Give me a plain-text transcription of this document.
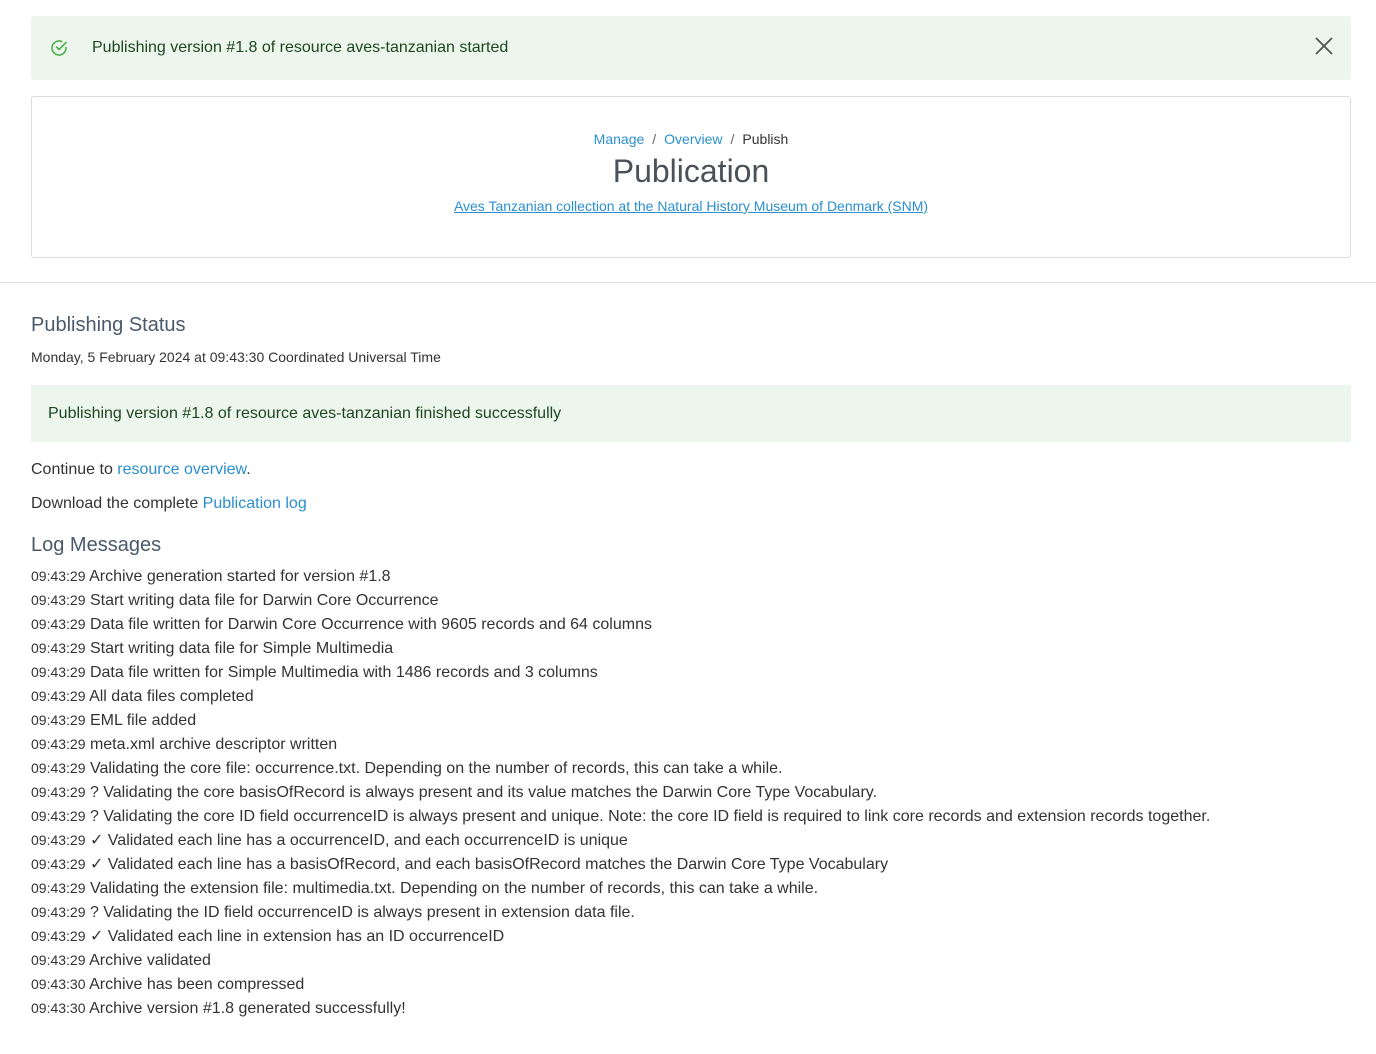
Publishing version #1.8 of resource aves-tanzanian started
Manage / Overview / Publish
Publication
Aves Tanzanian collection at the Natural History Museum of Denmark (SNM)
Publishing Status
Monday, 5 February 2024 at 09:43:30 Coordinated Universal Time
Publishing version #1.8 of resource aves-tanzanian finished successfully
Continue to resource overview.
Download the complete Publication log
Log Messages
09:43:29 Archive generation started for version #1.8
09:43:29 Start writing data file for Darwin Core Occurrence
09:43:29 Data file written for Darwin Core Occurrence with 9605 records and 64 columns
09:43:29 Start writing data file for Simple Multimedia
09:43:29 Data file written for Simple Multimedia with 1486 records and 3 columns
09:43:29 All data files completed
09:43:29 EML file added
09:43:29 meta.xml archive descriptor written
09:43:29 Validating the core file: occurrence.txt. Depending on the number of records, this can take a while.
09:43:29 ? Validating the core basisOfRecord is always present and its value matches the Darwin Core Type Vocabulary.
09:43:29 ? Validating the core ID field occurrenceID is always present and unique. Note: the core ID field is required to link core records and extension records together.
09:43:29 ✓ Validated each line has a occurrenceID, and each occurrenceID is unique
09:43:29 ✓ Validated each line has a basisOfRecord, and each basisOfRecord matches the Darwin Core Type Vocabulary
09:43:29 Validating the extension file: multimedia.txt. Depending on the number of records, this can take a while.
09:43:29 ? Validating the ID field occurrenceID is always present in extension data file.
09:43:29 ✓ Validated each line in extension has an ID occurrenceID
09:43:29 Archive validated
09:43:30 Archive has been compressed
09:43:30 Archive version #1.8 generated successfully!
